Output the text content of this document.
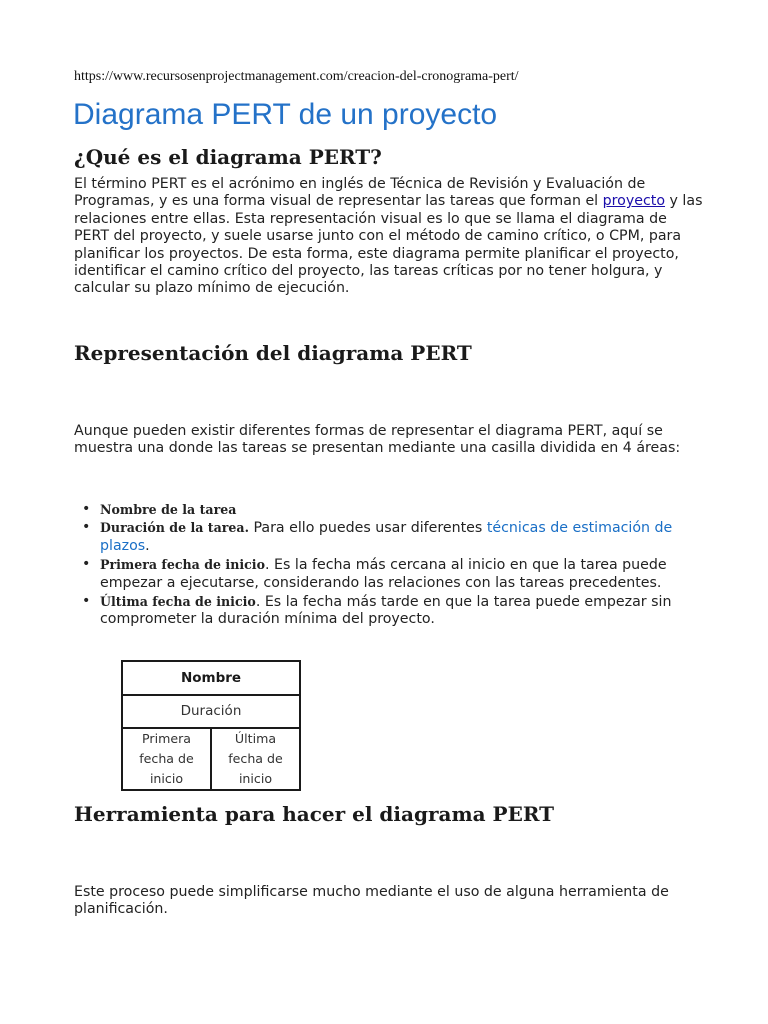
https://www.recursosenprojectmanagement.com/creacion-del-cronograma-pert/
Diagrama PERT de un proyecto
¿Qué es el diagrama PERT?

El término PERT es el acrónimo en inglés de Técnica de Revisión y Evaluación de Programas, y es una forma visual de representar las tareas que forman el proyecto y las relaciones entre ellas. Esta representación visual es lo que se llama el diagrama de PERT del proyecto, y suele usarse junto con el método de camino crítico, o CPM, para planificar los proyectos. De esta forma, este diagrama permite planificar el proyecto, identificar el camino crítico del proyecto, las tareas críticas por no tener holgura, y calcular su plazo mínimo de ejecución.

Representación del diagrama PERT

Aunque pueden existir diferentes formas de representar el diagrama PERT, aquí se muestra una donde las tareas se presentan mediante una casilla dividida en 4 áreas:

• Nombre de la tarea
• Duración de la tarea. Para ello puedes usar diferentes técnicas de estimación de plazos.
• Primera fecha de inicio. Es la fecha más cercana al inicio en que la tarea puede empezar a ejecutarse, considerando las relaciones con las tareas precedentes.
• Última fecha de inicio. Es la fecha más tarde en que la tarea puede empezar sin comprometer la duración mínima del proyecto.
Nombre
Duración
Primera
fecha de
inicio
Última
fecha de
inicio
Herramienta para hacer el diagrama PERT

Este proceso puede simplificarse mucho mediante el uso de alguna herramienta de planificación.
